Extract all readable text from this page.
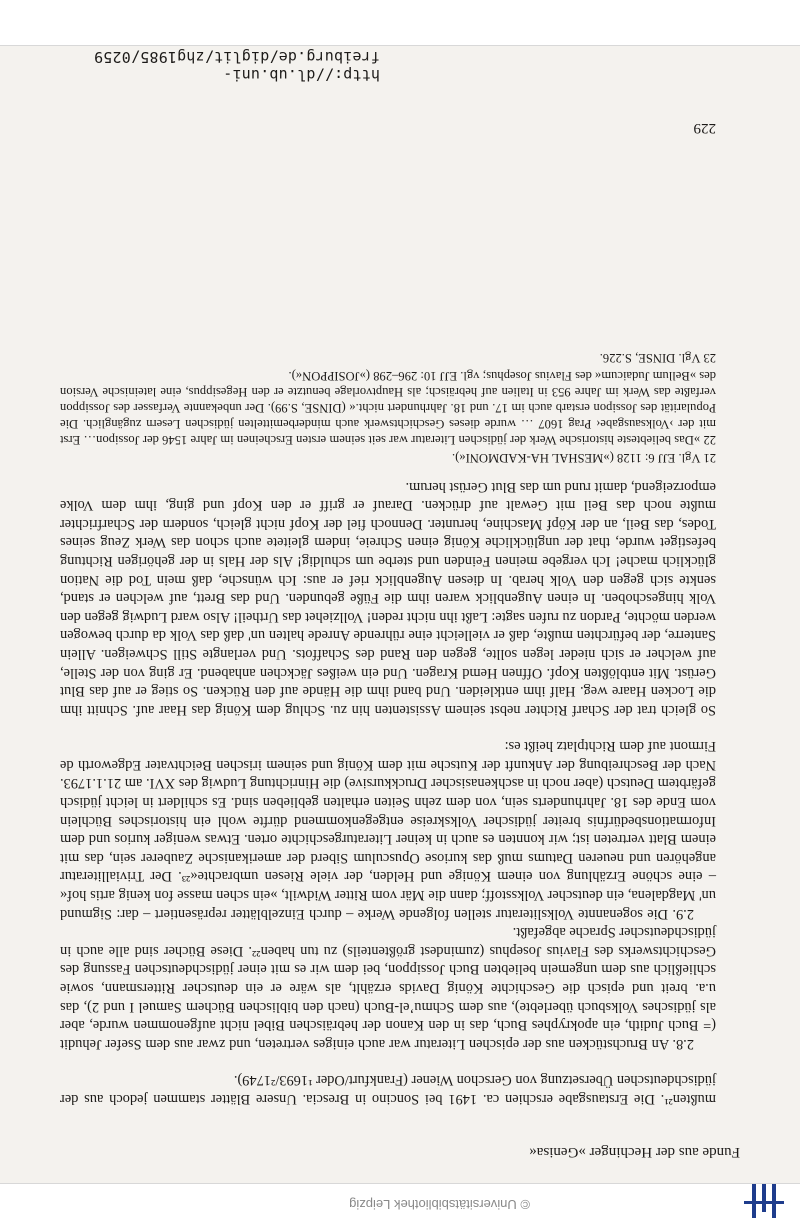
© Universitätsbibliothek Leipzig
Funde aus der Hechinger »Genisa«

mußten²¹. Die Erstausgabe erschien ca. 1491 bei Soncino in Brescia. Unsere Blätter stammen jedoch aus der jüdischdeutschen Übersetzung von Gerschon Wiener (Frankfurt/Oder ¹1693/²1749).

2.8. An Bruchstücken aus der epischen Literatur war auch einiges vertreten, und zwar aus dem Ssefer Jehudit (= Buch Judith, ein apokryphes Buch, das in den Kanon der hebräischen Bibel nicht aufgenommen wurde, aber als jüdisches Volksbuch überlebte), aus dem Schmuʼel-Buch (nach den biblischen Büchern Samuel I und 2), das u.a. breit und episch die Geschichte König Davids erzählt, als wäre er ein deutscher Rittersmann, sowie schließlich aus dem ungemein beliebten Buch Jossippon, bei dem wir es mit einer jüdischdeutschen Fassung des Geschichtswerks des Flavius Josephus (zumindest größtenteils) zu tun haben²². Diese Bücher sind alle auch in jüdischdeutscher Sprache abgefaßt.

2.9. Die sogenannte Volksliteratur stellen folgende Werke – durch Einzelblätter repräsentiert – dar: Sigmund un' Magdalena, ein deutscher Volksstoff; dann die Mär vom Ritter Widwilt, »ein schen masse fon kenig artis hof« – eine schöne Erzählung von einem Könige und Helden, der viele Riesen umbrachte«²³. Der Trivialliteratur angehören und neueren Datums muß das kuriose Opusculum Siberd der amerikanische Zauberer sein, das mit einem Blatt vertreten ist; wir konnten es auch in keiner Literaturgeschichte orten. Etwas weniger kurios und dem Informationsbedürfnis breiter jüdischer Volkskreise entgegenkommend dürfte wohl ein historisches Büchlein vom Ende des 18. Jahrhunderts sein, von dem zehn Seiten erhalten geblieben sind. Es schildert in leicht jüdisch gefärbtem Deutsch (aber noch in aschkenasischer Druckkursive) die Hinrichtung Ludwig des XVI. am 21.1.1793. Nach der Beschreibung der Ankunft der Kutsche mit dem König und seinem irischen Beichtvater Edgeworth de Firmont auf dem Richtplatz heißt es:

So gleich trat der Scharf Richter nebst seinem Assistenten hin zu. Schlug dem König das Haar auf. Schnitt ihm die Locken Haare weg. Half ihm entkleiden. Und band ihm die Hände auf den Rücken. So stieg er auf das Blut Gerüst. Mit entblößten Kopf. Offnen Hemd Kragen. Und ein weißes Jäckchen anhabend. Er ging von der Stelle, auf welcher er sich nieder legen sollte, gegen den Rand des Schaffots. Und verlangte Still Schweigen. Allein Santerre, der befürchten mußte, daß er vielleicht eine rührende Anrede halten un' daß das Volk da durch bewogen werden möchte, Pardon zu rufen sagte: Laßt ihn nicht reden! Vollziehet das Urtheil! Also ward Ludwig gegen den Volk hingeschoben. In einen Augenblick waren ihm die Füße gebunden. Und das Brett, auf welchen er stand, senkte sich gegen den Volk herab. In diesen Augenblick rief er aus: Ich wünsche, daß mein Tod die Nation glücklich mache! Ich vergebe meinen Feinden und sterbe um schuldig! Als der Hals in der gehörigen Richtung befestiget wurde, that der unglückliche König einen Schreie, indem gleitete auch schon das Werk Zeug seines Todes, das Beil, an der Köpf Maschine, herunter. Dennoch fiel der Kopf nicht gleich, sondern der Scharfrichter mußte noch das Beil mit Gewalt auf drücken. Darauf er griff er den Kopf und ging, ihm dem Volke emporzeigend, damit rund um das Blut Gerüst herum.

21 Vgl. EJJ 6: 1128 (»MESHAL HA-KADMONI«).

22 »Das beliebteste historische Werk der jüdischen Literatur war seit seinem ersten Erscheinen im Jahre 1546 der Jossipon… Erst mit der ›Volksausgabe‹ Prag 1607 … wurde dieses Geschichtswerk auch minderbemittelten jüdischen Lesern zugänglich. Die Popularität des Jossipon erstarb auch im 17. und 18. Jahrhundert nicht.« (DINSE, S.99). Der unbekannte Verfasser des Jossippon verfaßte das Werk im Jahre 953 in Italien auf hebräisch; als Hauptvorlage benutzte er den Hegesippus, eine lateinische Version des »Bellum Judaicum« des Flavius Josephus; vgl. EJJ 10: 296–298 (»JOSIPPON«).

23 Vgl. DINSE, S.226.

229
http://dl.ub.uni-freiburg.de/diglit/zhg1985/0259
